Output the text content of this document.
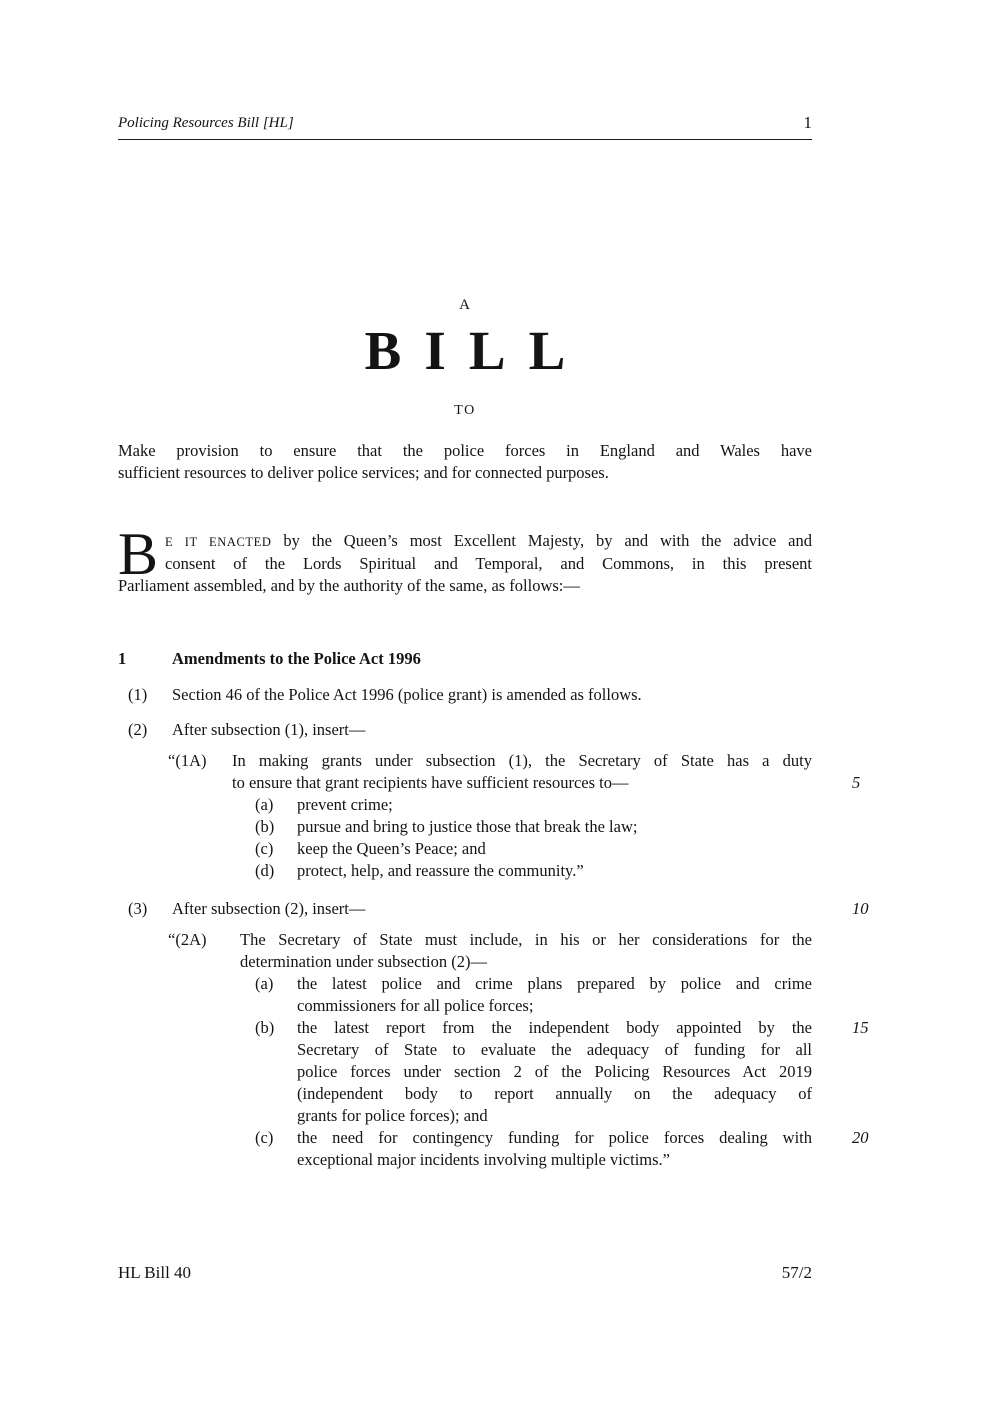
Policing Resources Bill [HL]	1
A
BILL
TO
Make provision to ensure that the police forces in England and Wales have
sufficient resources to deliver police services; and for connected purposes.
B E IT ENACTED by the Queen’s most Excellent Majesty, by and with the advice and
consent of the Lords Spiritual and Temporal, and Commons, in this present
Parliament assembled, and by the authority of the same, as follows:—
1	Amendments to the Police Act 1996
(1)	Section 46 of the Police Act 1996 (police grant) is amended as follows.
(2)	After subsection (1), insert—
“(1A)	In making grants under subsection (1), the Secretary of State has a duty
to ensure that grant recipients have sufficient resources to—	5
(a)	prevent crime;
(b)	pursue and bring to justice those that break the law;
(c)	keep the Queen’s Peace; and
(d)	protect, help, and reassure the community.”
(3)	After subsection (2), insert—	10
“(2A)	The Secretary of State must include, in his or her considerations for the
determination under subsection (2)—
(a)	the latest police and crime plans prepared by police and crime
commissioners for all police forces;
(b)	the latest report from the independent body appointed by the 15
Secretary of State to evaluate the adequacy of funding for all
police forces under section 2 of the Policing Resources Act 2019
(independent body to report annually on the adequacy of
grants for police forces); and
(c)	the need for contingency funding for police forces dealing with 20
exceptional major incidents involving multiple victims.”
HL Bill 40	57/2
